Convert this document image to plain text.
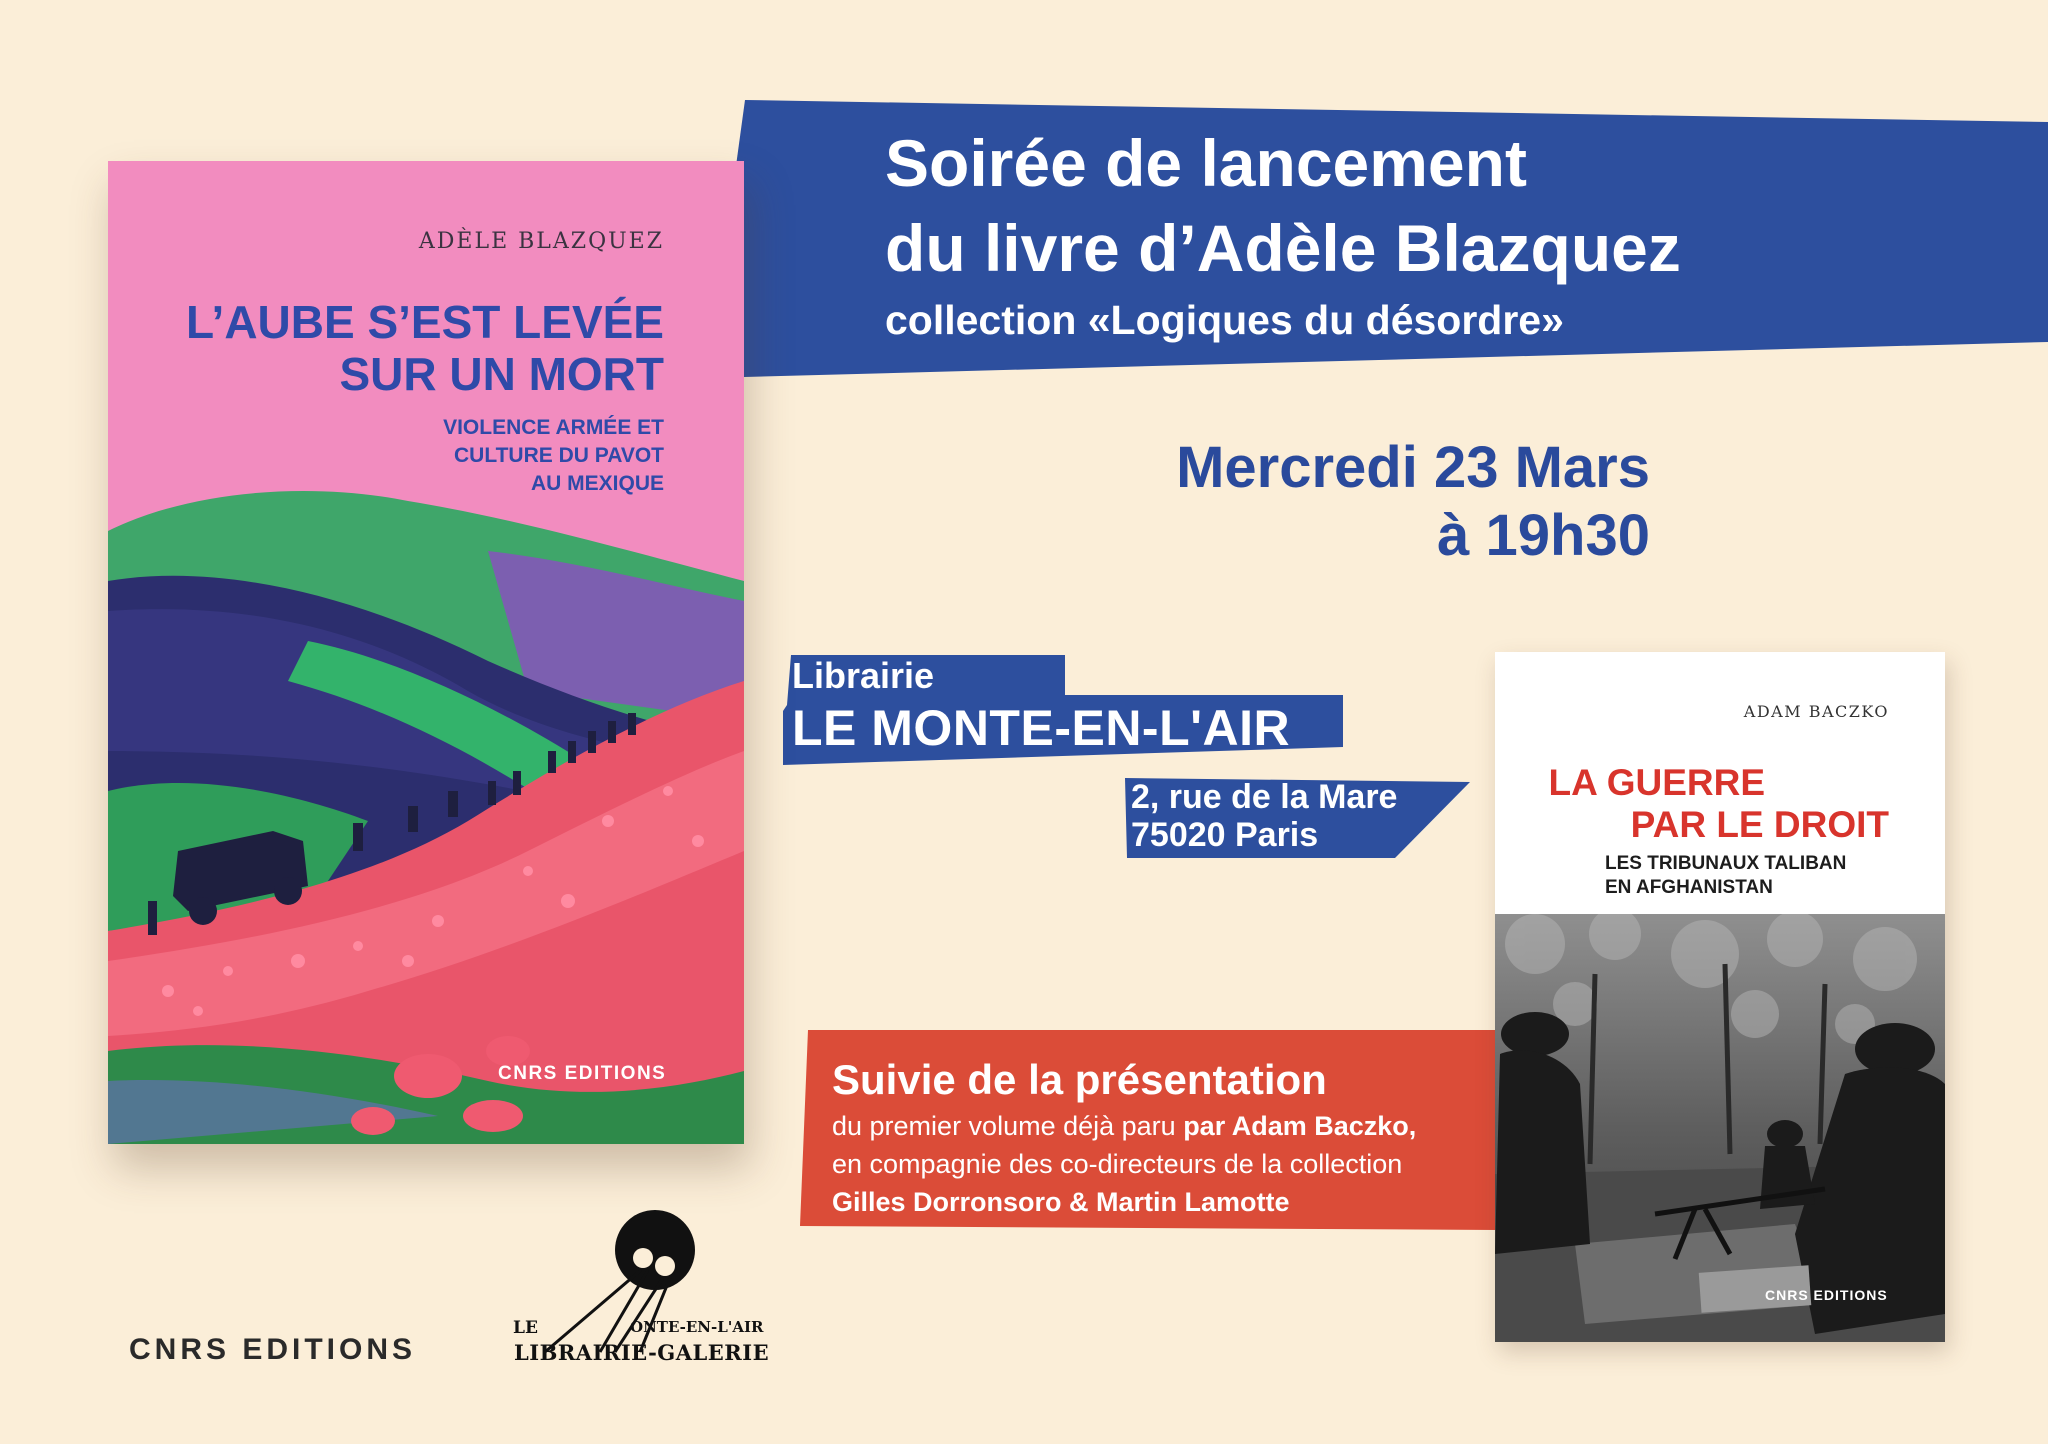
Soirée de lancement
du livre d’Adèle Blazquez
collection «Logiques du désordre»
Mercredi 23 Mars
à 19h30
Librairie
LE MONTE-EN-L'AIR
2, rue de la Mare
75020 Paris
Suivie de la présentation
du premier volume déjà paru par Adam Baczko,
en compagnie des co-directeurs de la collection
Gilles Dorronsoro & Martin Lamotte
ADÈLE BLAZQUEZ
L’AUBE S’EST LEVÉE
SUR UN MORT
VIOLENCE ARMÉE ET
CULTURE DU PAVOT
AU MEXIQUE
CNRS EDITIONS
ADAM BACZKO
LA GUERRE
PAR LE DROIT
LES TRIBUNAUX TALIBAN
EN AFGHANISTAN
CNRS EDITIONS
CNRS EDITIONS
LE	ONTE-EN-L'AIR
LIBRAIRIE-GALERIE
